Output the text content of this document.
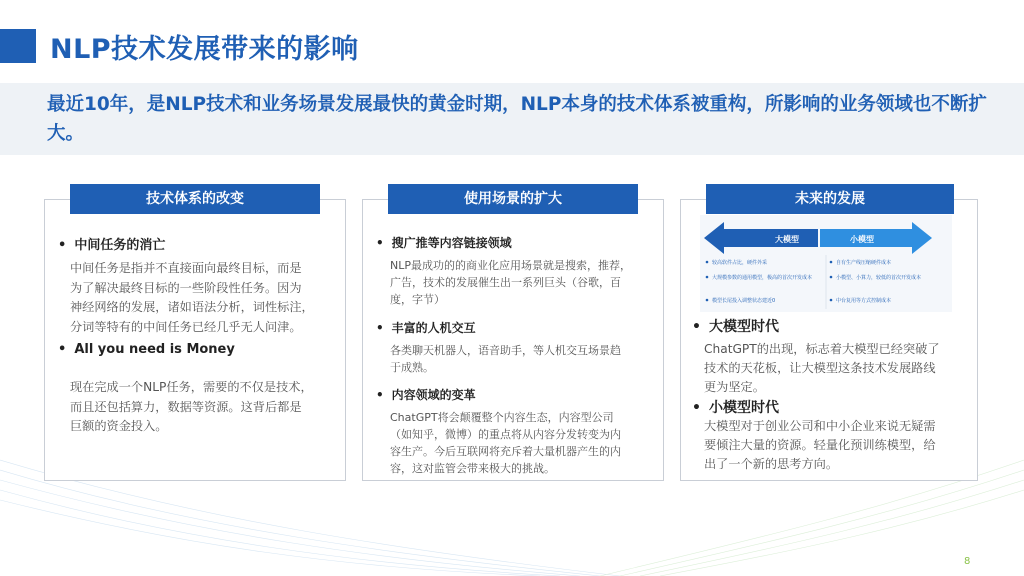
NLP技术发展带来的影响

最近10年，是NLP技术和业务场景发展最快的黄金时期，NLP本身的技术体系被重构，所影响的业务领域也不断扩大。

技术体系的改变

• 中间任务的消亡

中间任务是指并不直接面向最终目标，而是
为了解决最终目标的一些阶段性任务。因为
神经网络的发展，诸如语法分析，词性标注，
分词等特有的中间任务已经几乎无人问津。

• All you need is Money

现在完成一个NLP任务，需要的不仅是技术，
而且还包括算力，数据等资源。这背后都是
巨额的资金投入。
使用场景的扩大

• 搜广推等内容链接领域

NLP最成功的的商业化应用场景就是搜索，推荐，
广告，技术的发展催生出一系列巨头（谷歌，百
度，字节）

• 丰富的人机交互

各类聊天机器人，语音助手，等人机交互场景趋
于成熟。

• 内容领域的变革

ChatGPT将会颠覆整个内容生态，内容型公司
（如知乎，微博）的重点将从内容分发转变为内
容生产。今后互联网将充斥着大量机器产生的内
容，这对监管会带来极大的挑战。
未来的发展
大模型	小模型
较高软件占比，硬件外采
大规模参数的通用模型，极高的首次开发成本
模型长尾投入调整状态建近0
自有生产线压缩硬件成本
小模型、小算力，较低的首次开发成本
中台复用等方式控制成本

• 大模型时代

ChatGPT的出现，标志着大模型已经突破了
技术的天花板，让大模型这条技术发展路线
更为坚定。

• 小模型时代

大模型对于创业公司和中小企业来说无疑需
要倾注大量的资源。轻量化预训练模型，给
出了一个新的思考方向。
8
